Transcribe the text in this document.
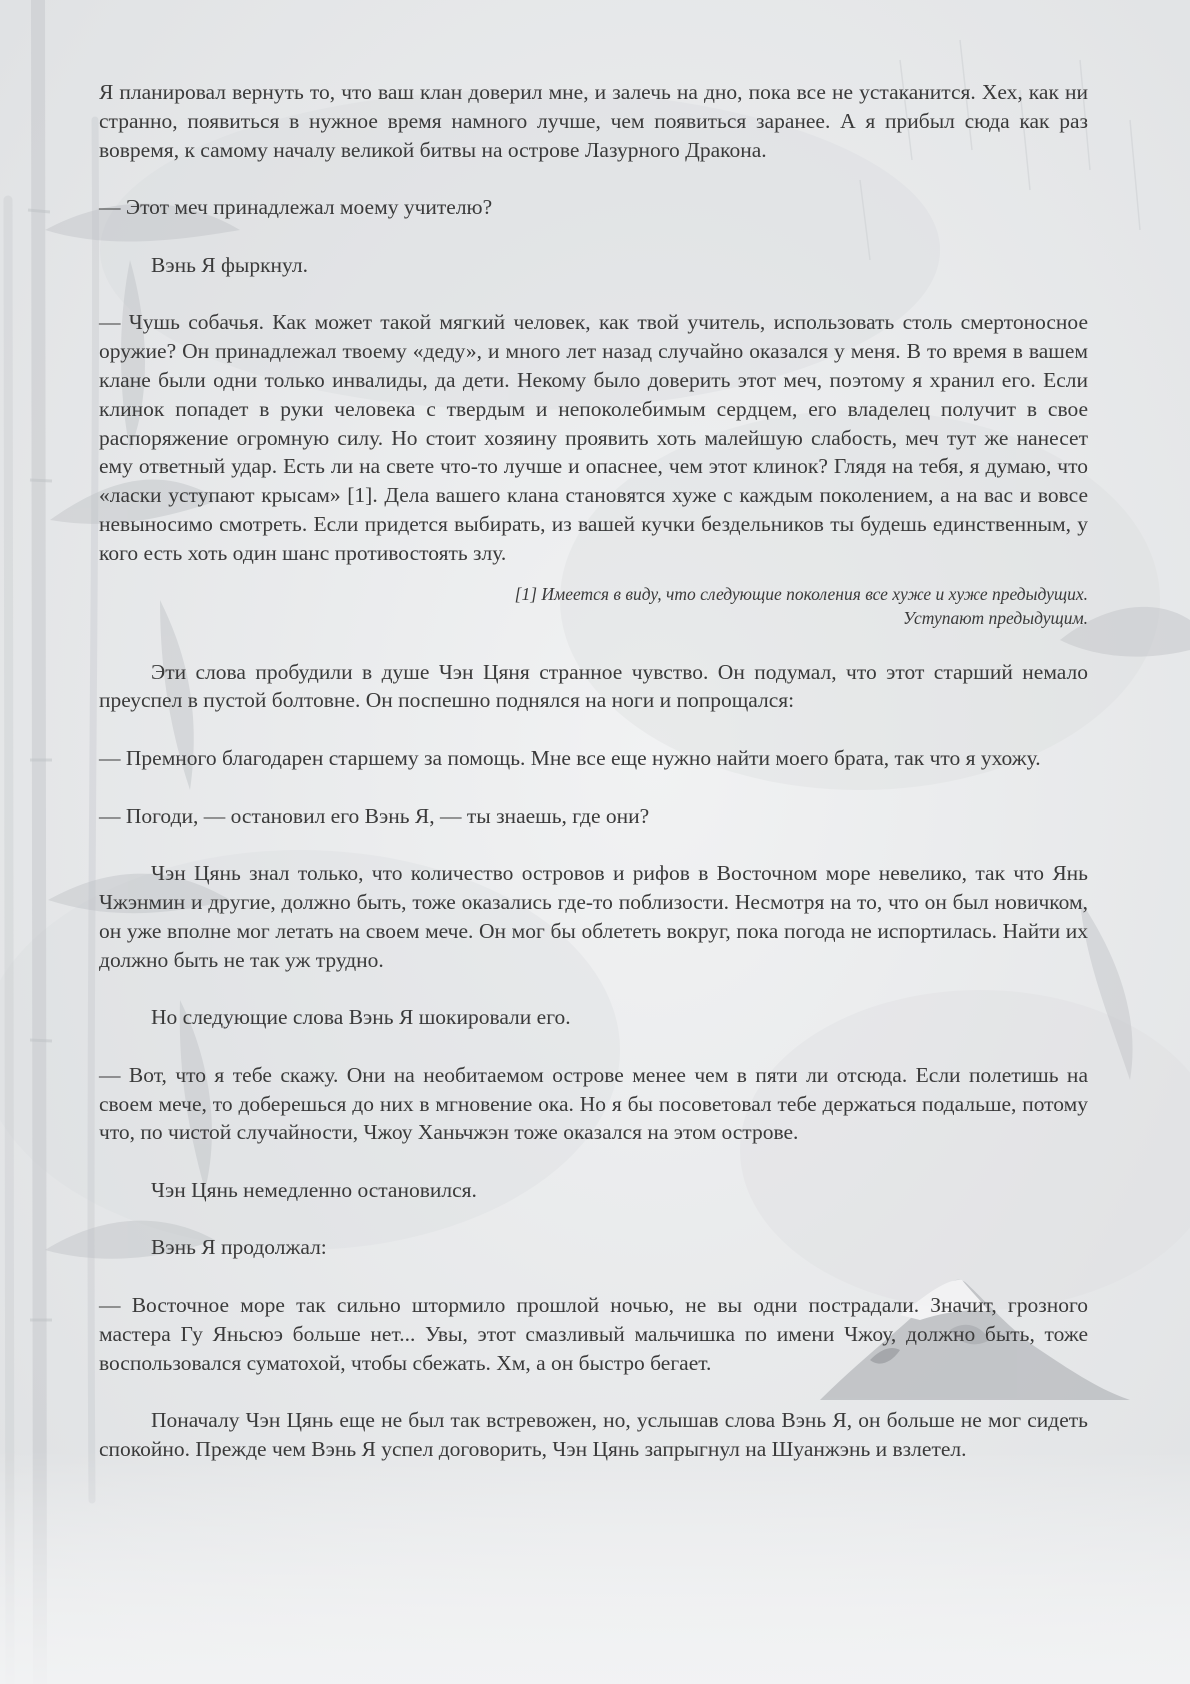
Я планировал вернуть то, что ваш клан доверил мне, и залечь на дно, пока все не устаканится. Хех, как ни странно, появиться в нужное время намного лучше, чем появиться заранее. А я прибыл сюда как раз вовремя, к самому началу великой битвы на острове Лазурного Дракона.

— Этот меч принадлежал моему учителю?

Вэнь Я фыркнул.

— Чушь собачья. Как может такой мягкий человек, как твой учитель, использовать столь смертоносное оружие? Он принадлежал твоему «деду», и много лет назад случайно оказался у меня. В то время в вашем клане были одни только инвалиды, да дети. Некому было доверить этот меч, поэтому я хранил его. Если клинок попадет в руки человека с твердым и непоколебимым сердцем, его владелец получит в свое распоряжение огромную силу. Но стоит хозяину проявить хоть малейшую слабость, меч тут же нанесет ему ответный удар. Есть ли на свете что-то лучше и опаснее, чем этот клинок? Глядя на тебя, я думаю, что «ласки уступают крысам» [1]. Дела вашего клана становятся хуже с каждым поколением, а на вас и вовсе невыносимо смотреть. Если придется выбирать, из вашей кучки бездельников ты будешь единственным, у кого есть хоть один шанс противостоять злу.

[1] Имеется в виду, что следующие поколения все хуже и хуже предыдущих.
Уступают предыдущим.

Эти слова пробудили в душе Чэн Цяня странное чувство. Он подумал, что этот старший немало преуспел в пустой болтовне. Он поспешно поднялся на ноги и попрощался:

— Премного благодарен старшему за помощь. Мне все еще нужно найти моего брата, так что я ухожу.

— Погоди, — остановил его Вэнь Я, — ты знаешь, где они?

Чэн Цянь знал только, что количество островов и рифов в Восточном море невелико, так что Янь Чжэнмин и другие, должно быть, тоже оказались где-то поблизости. Несмотря на то, что он был новичком, он уже вполне мог летать на своем мече. Он мог бы облететь вокруг, пока погода не испортилась. Найти их должно быть не так уж трудно.

Но следующие слова Вэнь Я шокировали его.

— Вот, что я тебе скажу. Они на необитаемом острове менее чем в пяти ли отсюда. Если полетишь на своем мече, то доберешься до них в мгновение ока. Но я бы посоветовал тебе держаться подальше, потому что, по чистой случайности, Чжоу Ханьчжэн тоже оказался на этом острове.

Чэн Цянь немедленно остановился.

Вэнь Я продолжал:

— Восточное море так сильно штормило прошлой ночью, не вы одни пострадали. Значит, грозного мастера Гу Яньсюэ больше нет... Увы, этот смазливый мальчишка по имени Чжоу, должно быть, тоже воспользовался суматохой, чтобы сбежать. Хм, а он быстро бегает.

Поначалу Чэн Цянь еще не был так встревожен, но, услышав слова Вэнь Я, он больше не мог сидеть спокойно. Прежде чем Вэнь Я успел договорить, Чэн Цянь запрыгнул на Шуанжэнь и взлетел.
